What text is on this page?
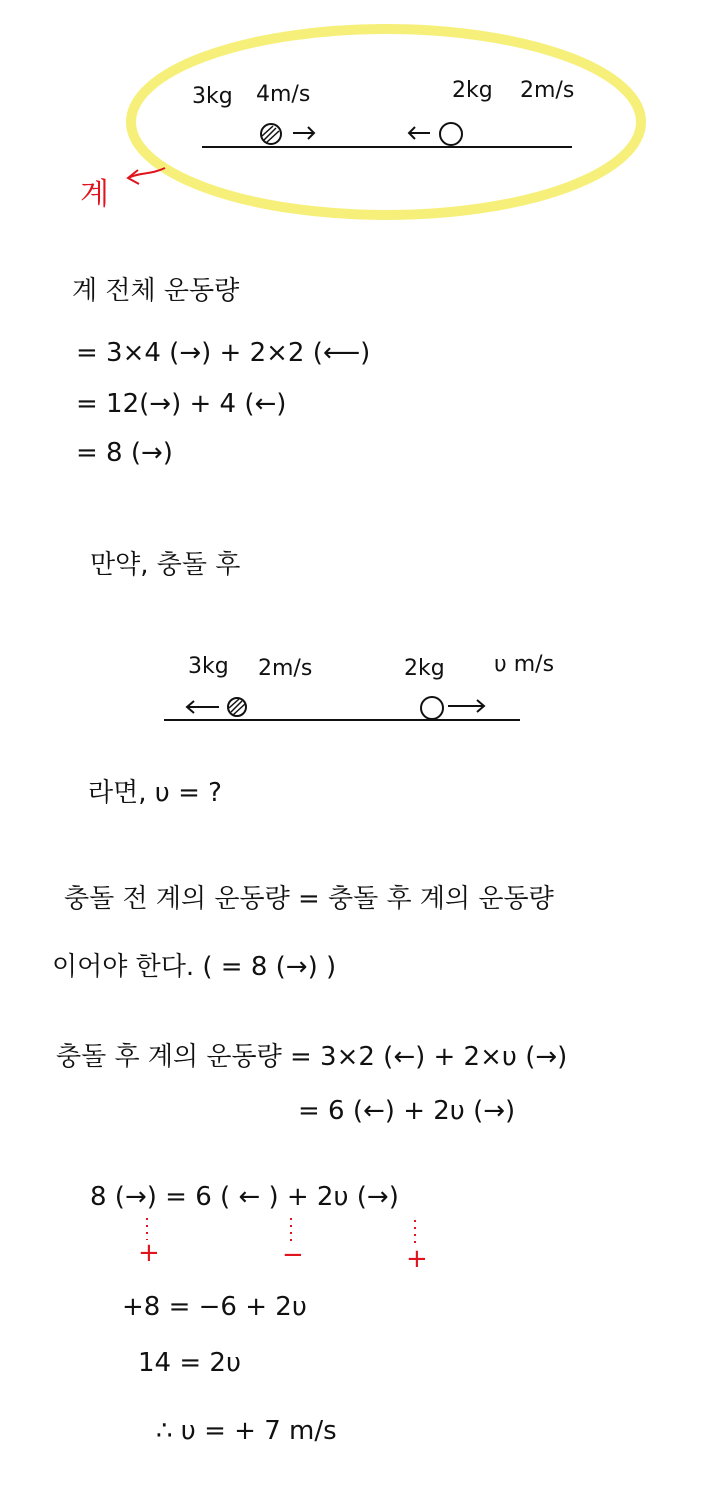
3kg 4m/s	2kg 2m/s
계
계 전체 운동량
= 3×4 (→) + 2×2 (⟵)
= 12(→) + 4 (←)
= 8 (→)
만약, 충돌 후
3kg 2m/s	2kg υ m/s
라면, υ = ?
충돌 전 계의 운동량 = 충돌 후 계의 운동량
이어야 한다. ( = 8 (→) )
충돌 후 계의 운동량 = 3×2 (←) + 2×υ (→)
= 6 (←) + 2υ (→)
8 (→) = 6 ( ← ) + 2υ (→)
+	−	+
+8 = −6 + 2υ
14 = 2υ
∴ υ = + 7 m/s
